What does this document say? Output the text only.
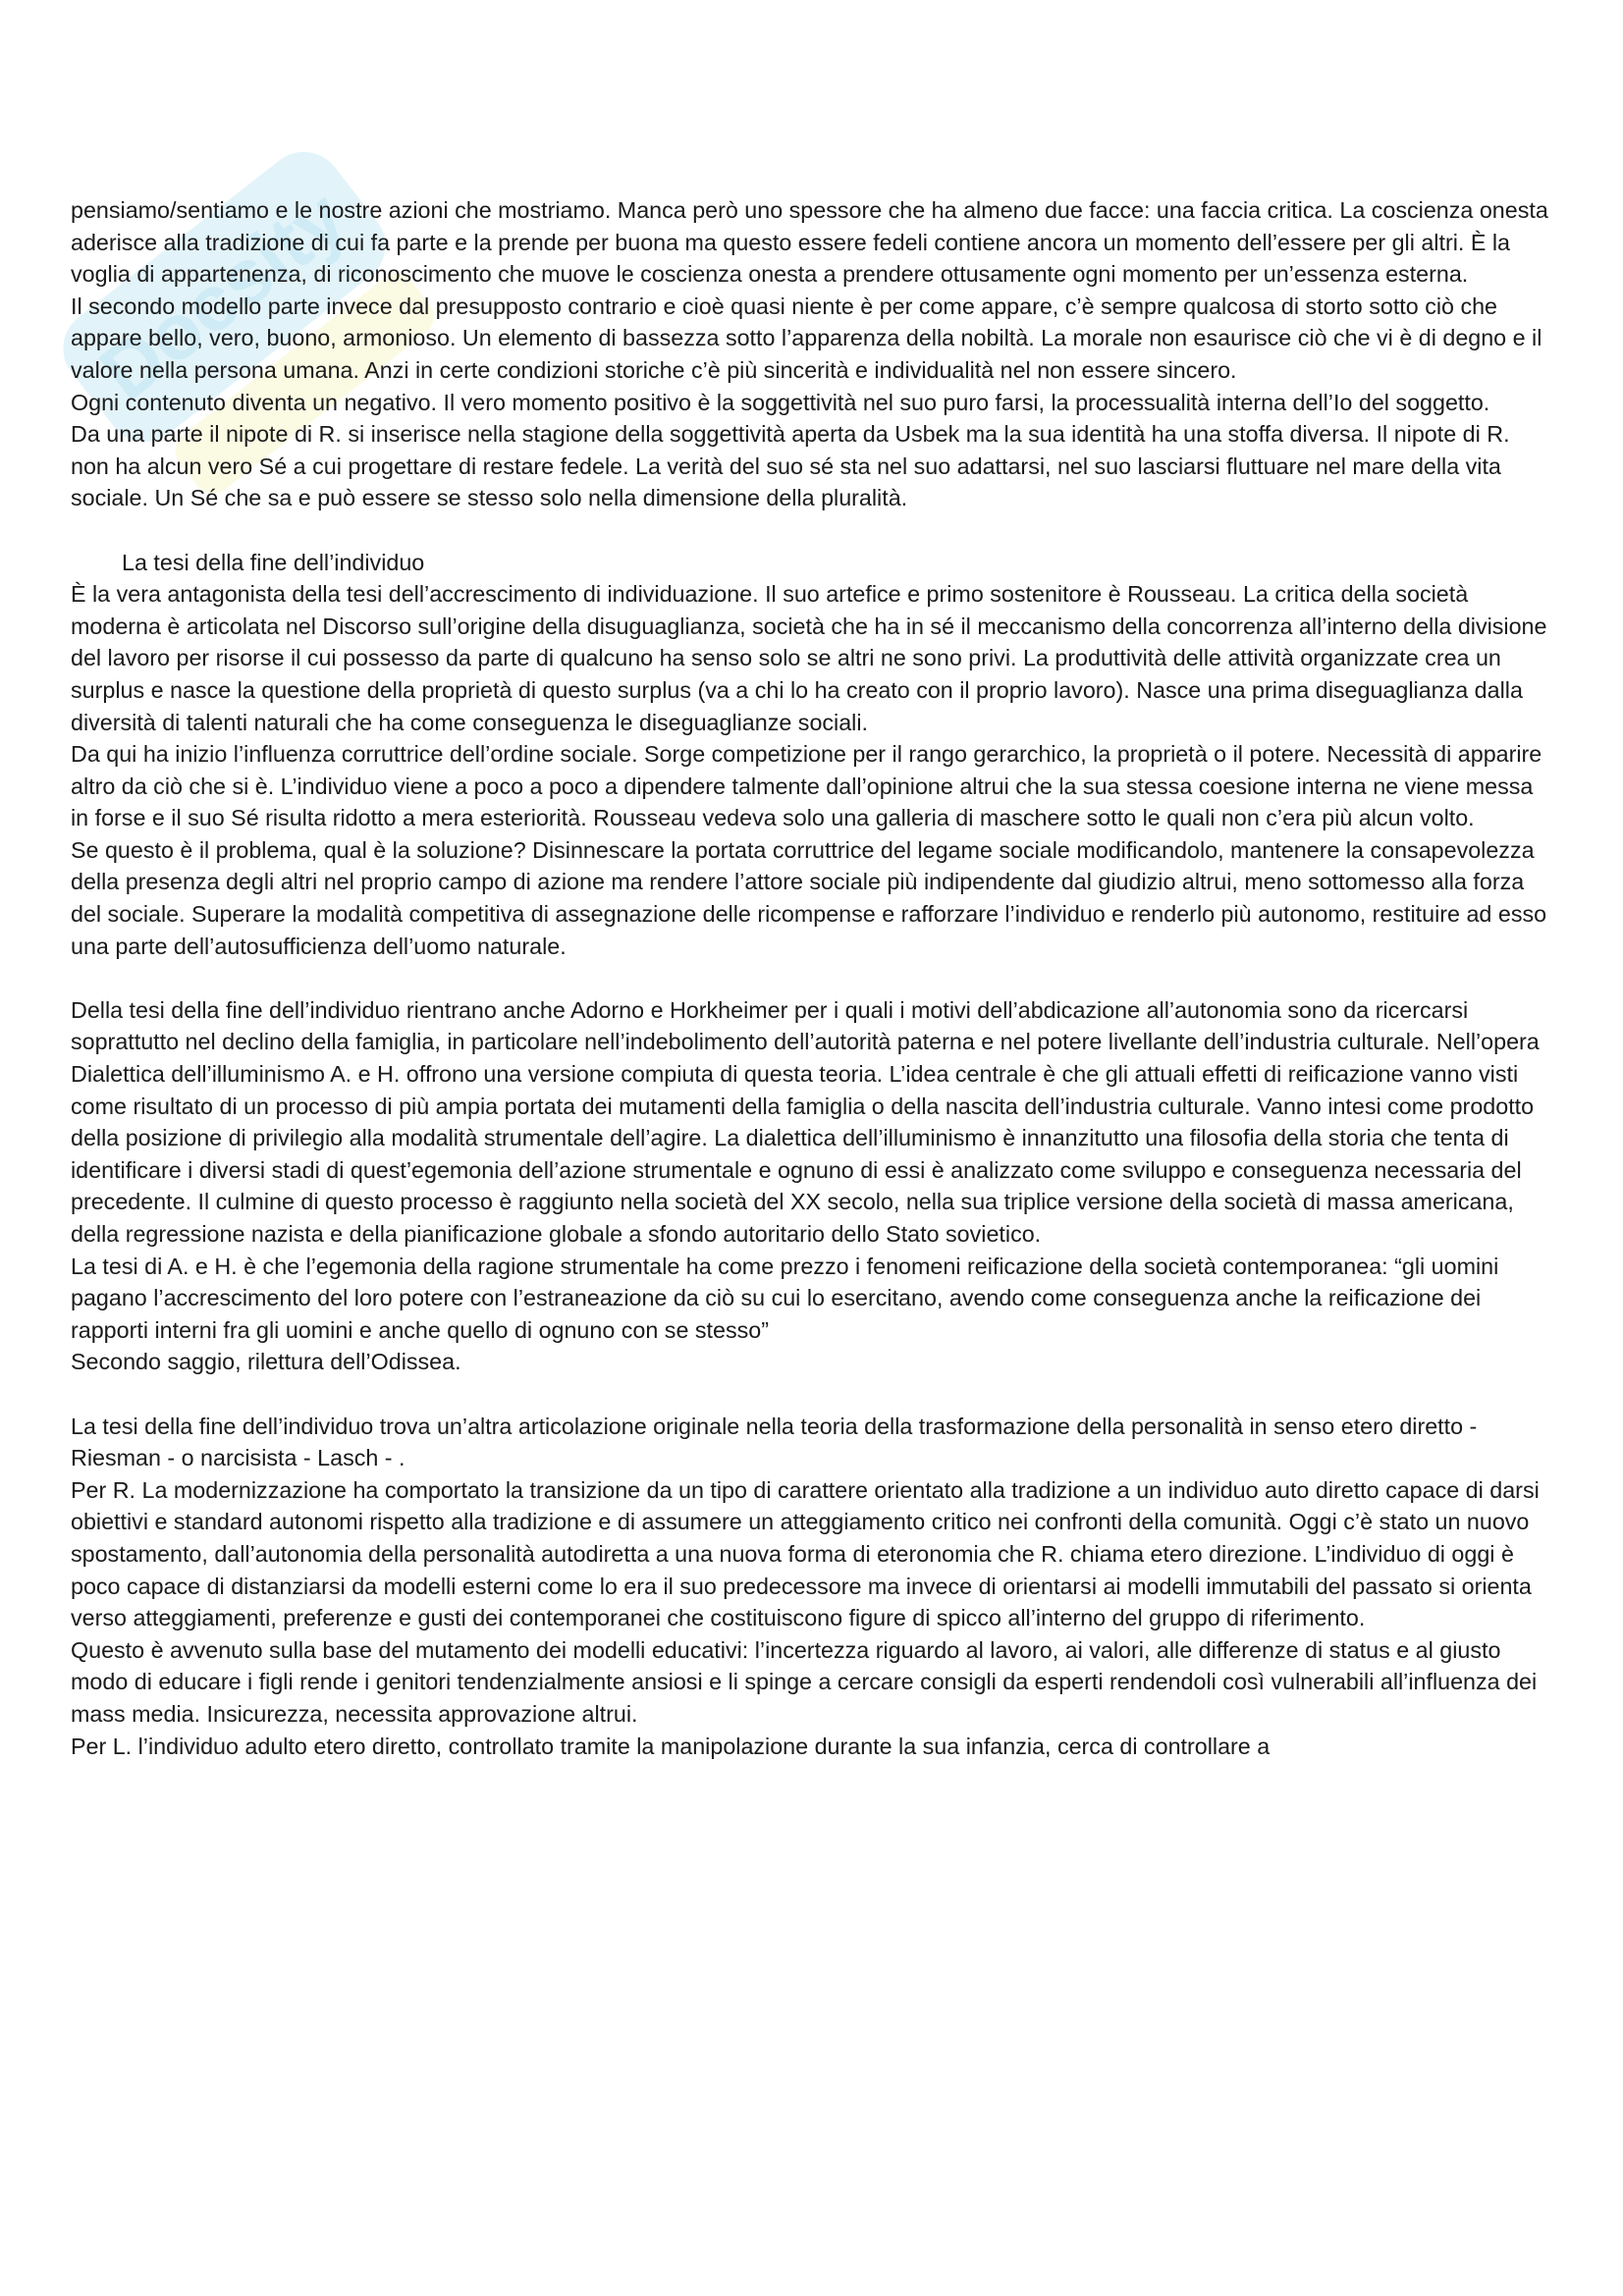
Docsity

pensiamo/sentiamo e le nostre azioni che mostriamo. Manca però uno spessore che ha almeno due facce: una faccia critica. La coscienza onesta aderisce alla tradizione di cui fa parte e la prende per buona ma questo essere fedeli contiene ancora un momento dell’essere per gli altri. È la voglia di appartenenza, di riconoscimento che muove le coscienza onesta a prendere ottusamente ogni momento per un’essenza esterna.

Il secondo modello parte invece dal presupposto contrario e cioè quasi niente è per come appare, c’è sempre qualcosa di storto sotto ciò che appare bello, vero, buono, armonioso. Un elemento di bassezza sotto l’apparenza della nobiltà. La morale non esaurisce ciò che vi è di degno e il valore nella persona umana. Anzi in certe condizioni storiche c’è più sincerità e individualità nel non essere sincero.

Ogni contenuto diventa un negativo. Il vero momento positivo è la soggettività nel suo puro farsi, la processualità interna dell’Io del soggetto.

Da una parte il nipote di R. si inserisce nella stagione della soggettività aperta da Usbek ma la sua identità ha una stoffa diversa. Il nipote di R. non ha alcun vero Sé a cui progettare di restare fedele. La verità del suo sé sta nel suo adattarsi, nel suo lasciarsi fluttuare nel mare della vita sociale. Un Sé che sa e può essere se stesso solo nella dimensione della pluralità.

La tesi della fine dell’individuo

È la vera antagonista della tesi dell’accrescimento di individuazione. Il suo artefice e primo sostenitore è Rousseau. La critica della società moderna è articolata nel Discorso sull’origine della disuguaglianza, società che ha in sé il meccanismo della concorrenza all’interno della divisione del lavoro per risorse il cui possesso da parte di qualcuno ha senso solo se altri ne sono privi. La produttività delle attività organizzate crea un surplus e nasce la questione della proprietà di questo surplus (va a chi lo ha creato con il proprio lavoro). Nasce una prima diseguaglianza dalla diversità di talenti naturali che ha come conseguenza le diseguaglianze sociali.

Da qui ha inizio l’influenza corruttrice dell’ordine sociale. Sorge competizione per il rango gerarchico, la proprietà o il potere. Necessità di apparire altro da ciò che si è. L’individuo viene a poco a poco a dipendere talmente dall’opinione altrui che la sua stessa coesione interna ne viene messa in forse e il suo Sé risulta ridotto a mera esteriorità. Rousseau vedeva solo una galleria di maschere sotto le quali non c’era più alcun volto.

Se questo è il problema, qual è la soluzione? Disinnescare la portata corruttrice del legame sociale modificandolo, mantenere la consapevolezza della presenza degli altri nel proprio campo di azione ma rendere l’attore sociale più indipendente dal giudizio altrui, meno sottomesso alla forza del sociale. Superare la modalità competitiva di assegnazione delle ricompense e rafforzare l’individuo e renderlo più autonomo, restituire ad esso una parte dell’autosufficienza dell’uomo naturale.

Della tesi della fine dell’individuo rientrano anche Adorno e Horkheimer per i quali i motivi dell’abdicazione all’autonomia sono da ricercarsi soprattutto nel declino della famiglia, in particolare nell’indebolimento dell’autorità paterna e nel potere livellante dell’industria culturale. Nell’opera Dialettica dell’illuminismo A. e H. offrono una versione compiuta di questa teoria. L’idea centrale è che gli attuali effetti di reificazione vanno visti come risultato di un processo di più ampia portata dei mutamenti della famiglia o della nascita dell’industria culturale. Vanno intesi come prodotto della posizione di privilegio alla modalità strumentale dell’agire. La dialettica dell’illuminismo è innanzitutto una filosofia della storia che tenta di identificare i diversi stadi di quest’egemonia dell’azione strumentale e ognuno di essi è analizzato come sviluppo e conseguenza necessaria del precedente. Il culmine di questo processo è raggiunto nella società del XX secolo, nella sua triplice versione della società di massa americana, della regressione nazista e della pianificazione globale a sfondo autoritario dello Stato sovietico.

La tesi di A. e H. è che l’egemonia della ragione strumentale ha come prezzo i fenomeni reificazione della società contemporanea: “gli uomini pagano l’accrescimento del loro potere con l’estraneazione da ciò su cui lo esercitano, avendo come conseguenza anche la reificazione dei rapporti interni fra gli uomini e anche quello di ognuno con se stesso”

Secondo saggio, rilettura dell’Odissea.

La tesi della fine dell’individuo trova un’altra articolazione originale nella teoria della trasformazione della personalità in senso etero diretto - Riesman - o narcisista - Lasch - .

Per R. La modernizzazione ha comportato la transizione da un tipo di carattere orientato alla tradizione a un individuo auto diretto capace di darsi obiettivi e standard autonomi rispetto alla tradizione e di assumere un atteggiamento critico nei confronti della comunità. Oggi c’è stato un nuovo spostamento, dall’autonomia della personalità autodiretta a una nuova forma di eteronomia che R. chiama etero direzione. L’individuo di oggi è poco capace di distanziarsi da modelli esterni come lo era il suo predecessore ma invece di orientarsi ai modelli immutabili del passato si orienta verso atteggiamenti, preferenze e gusti dei contemporanei che costituiscono figure di spicco all’interno del gruppo di riferimento.

Questo è avvenuto sulla base del mutamento dei modelli educativi: l’incertezza riguardo al lavoro, ai valori, alle differenze di status e al giusto modo di educare i figli rende i genitori tendenzialmente ansiosi e li spinge a cercare consigli da esperti rendendoli così vulnerabili all’influenza dei mass media. Insicurezza, necessita approvazione altrui.

Per L. l’individuo adulto etero diretto, controllato tramite la manipolazione durante la sua infanzia, cerca di controllare a
